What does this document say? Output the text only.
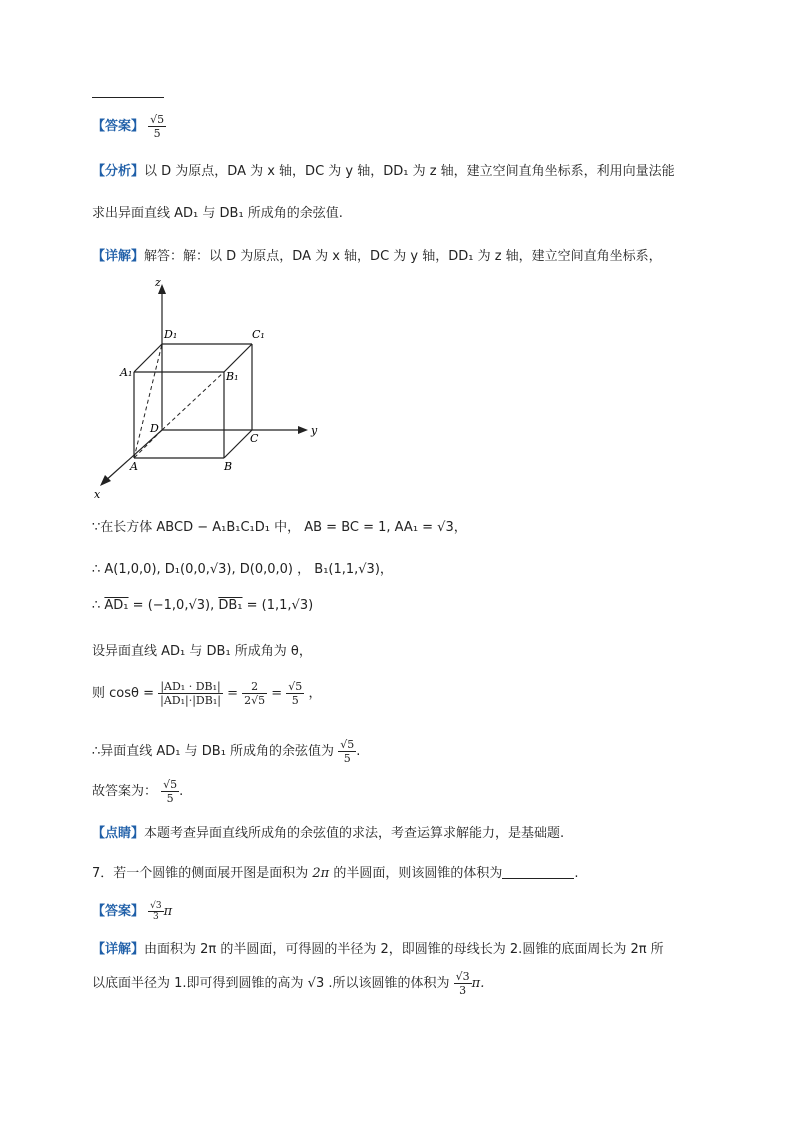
【答案】 $\frac{√5}{5}$
【分析】以 D 为原点，DA 为 x 轴，DC 为 y 轴，DD₁ 为 z 轴，建立空间直角坐标系，利用向量法能
求出异面直线 AD₁ 与 DB₁ 所成角的余弦值.
【详解】解答：解：以 D 为原点，DA 为 x 轴，DC 为 y 轴，DD₁ 为 z 轴，建立空间直角坐标系，
z
y
x
D₁	C₁
A₁	B₁
D
C
A	B
∵在长方体 ABCD − A₁B₁C₁D₁ 中， AB = BC = 1, AA₁ = √3，
∴ A(1,0,0), D₁(0,0,√3), D(0,0,0) ， B₁(1,1,√3)，
∴ AD₁ = (−1,0,√3), DB₁ = (1,1,√3)
设异面直线 AD₁ 与 DB₁ 所成角为 θ，
则 $\cos\theta = \frac{\text{|AD₁ · DB₁|}}{\text{|AD₁|·|DB₁|}} = \frac{2}{2√5} = \frac{√5}{5}$ ，
∴异面直线 AD₁ 与 DB₁ 所成角的余弦值为 $\frac{√5}{5}$ .
故答案为： $\frac{√5}{5}$ .
【点睛】本题考查异面直线所成角的余弦值的求法，考查运算求解能力，是基础题.
7．若一个圆锥的侧面展开图是面积为 2π 的半圆面，则该圆锥的体积为	.
【答案】 $\frac{√3}{3}$ π
【详解】由面积为 2π 的半圆面，可得圆的半径为 2，即圆锥的母线长为 2.圆锥的底面周长为 2π 所
以底面半径为 1.即可得到圆锥的高为 √3 .所以该圆锥的体积为 $\frac{√3}{3} \pi$.
